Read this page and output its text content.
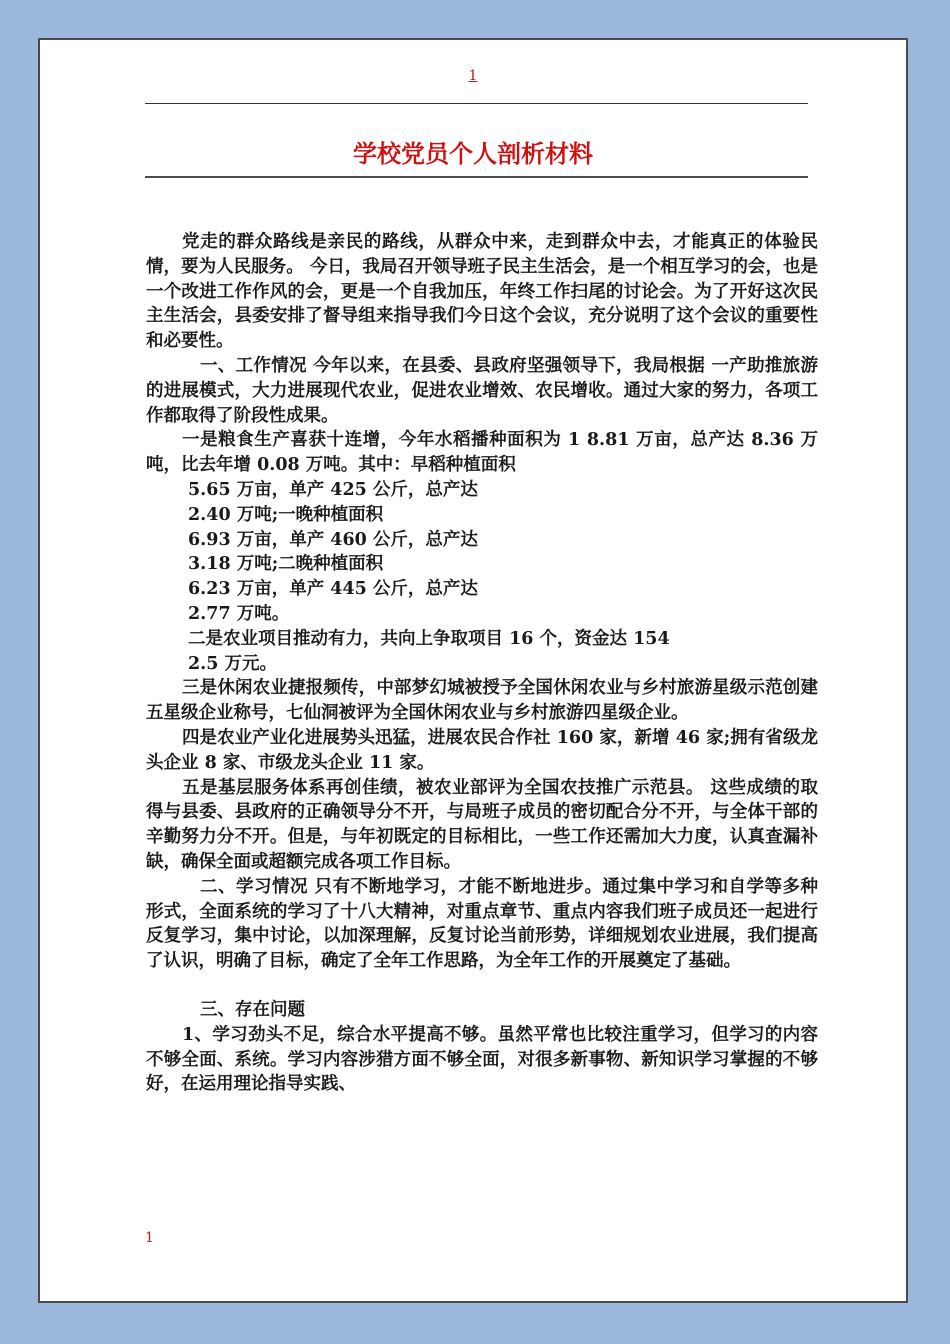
1
学校党员个人剖析材料

党走的群众路线是亲民的路线，从群众中来，走到群众中去，才能真正的体验民情，要为人民服务。 今日，我局召开领导班子民主生活会，是一个相互学习的会，也是一个改进工作作风的会，更是一个自我加压，年终工作扫尾的讨论会。为了开好这次民主生活会，县委安排了督导组来指导我们今日这个会议，充分说明了这个会议的重要性和必要性。

一、工作情况 今年以来，在县委、县政府坚强领导下，我局根据 一产助推旅游 的进展模式，大力进展现代农业，促进农业增效、农民增收。通过大家的努力，各项工作都取得了阶段性成果。

一是粮食生产喜获十连增，今年水稻播种面积为 1 8.81 万亩，总产达 8.36 万吨，比去年增 0.08 万吨。其中：早稻种植面积

5.65 万亩，单产 425 公斤，总产达

2.40 万吨;一晚种植面积

6.93 万亩，单产 460 公斤，总产达

3.18 万吨;二晚种植面积

6.23 万亩，单产 445 公斤，总产达

2.77 万吨。

二是农业项目推动有力，共向上争取项目 16 个，资金达 154

2.5 万元。

三是休闲农业捷报频传，中部梦幻城被授予全国休闲农业与乡村旅游星级示范创建五星级企业称号，七仙洞被评为全国休闲农业与乡村旅游四星级企业。

四是农业产业化进展势头迅猛，进展农民合作社 160 家，新增 46 家;拥有省级龙头企业 8 家、市级龙头企业 11 家。

五是基层服务体系再创佳绩，被农业部评为全国农技推广示范县。 这些成绩的取得与县委、县政府的正确领导分不开，与局班子成员的密切配合分不开，与全体干部的辛勤努力分不开。但是，与年初既定的目标相比，一些工作还需加大力度，认真查漏补缺，确保全面或超额完成各项工作目标。

二、学习情况 只有不断地学习，才能不断地进步。通过集中学习和自学等多种形式，全面系统的学习了十八大精神，对重点章节、重点内容我们班子成员还一起进行反复学习，集中讨论，以加深理解，反复讨论当前形势，详细规划农业进展，我们提高了认识，明确了目标，确定了全年工作思路，为全年工作的开展奠定了基础。

三、存在问题

1、学习劲头不足，综合水平提高不够。虽然平常也比较注重学习，但学习的内容不够全面、系统。学习内容涉猎方面不够全面，对很多新事物、新知识学习掌握的不够好，在运用理论指导实践、

1
